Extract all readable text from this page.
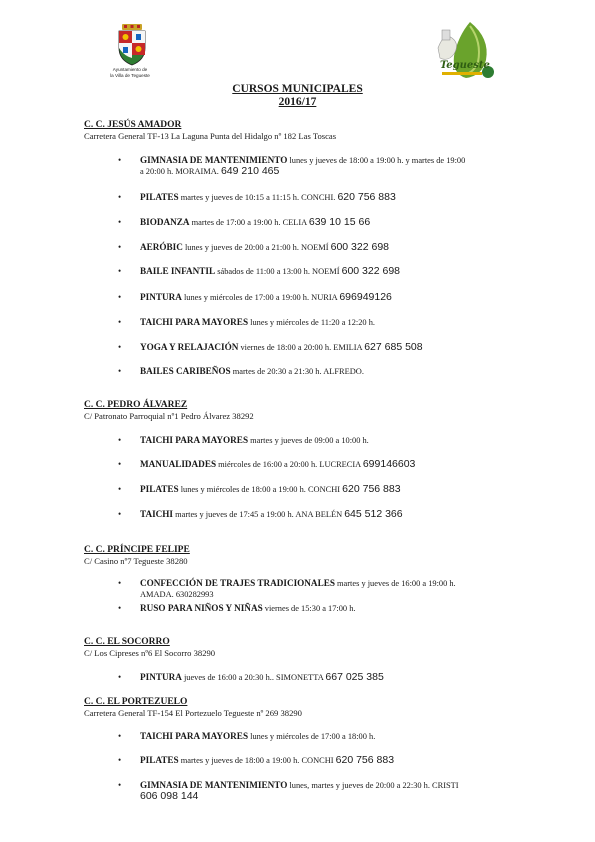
Ayuntamiento de
la Villa de Tegueste
Tegueste
CURSOS MUNICIPALES
2016/17
C. C. JESÚS AMADOR
Carretera General TF-13 La Laguna Punta del Hidalgo nº 182 Las Toscas
• GIMNASIA DE MANTENIMIENTO lunes y jueves de 18:00 a 19:00 h. y martes de 19:00
a 20:00 h. MORAIMA. 649 210 465
• PILATES martes y jueves de 10:15 a 11:15 h. CONCHI. 620 756 883
• BIODANZA martes de 17:00 a 19:00 h. CELIA 639 10 15 66
• AERÓBIC lunes y jueves de 20:00 a 21:00 h. NOEMÍ 600 322 698
• BAILE INFANTIL sábados de 11:00 a 13:00 h. NOEMÍ 600 322 698
• PINTURA lunes y miércoles de 17:00 a 19:00 h. NURIA 696949126
• TAICHI PARA MAYORES lunes y miércoles de 11:20 a 12:20 h.
• YOGA Y RELAJACIÓN viernes de 18:00 a 20:00 h. EMILIA 627 685 508
• BAILES CARIBEÑOS martes de 20:30 a 21:30 h. ALFREDO.
C. C. PEDRO ÁLVAREZ
C/ Patronato Parroquial nº1 Pedro Álvarez 38292
• TAICHI PARA MAYORES martes y jueves de 09:00 a 10:00 h.
• MANUALIDADES miércoles de 16:00 a 20:00 h. LUCRECIA 699146603
• PILATES lunes y miércoles de 18:00 a 19:00 h. CONCHI 620 756 883
• TAICHI martes y jueves de 17:45 a 19:00 h. ANA BELÉN 645 512 366
C. C. PRÍNCIPE FELIPE
C/ Casino nº7 Tegueste 38280
• CONFECCIÓN DE TRAJES TRADICIONALES martes y jueves de 16:00 a 19:00 h.
AMADA. 630282993
• RUSO PARA NIÑOS Y NIÑAS viernes de 15:30 a 17:00 h.
C. C. EL SOCORRO
C/ Los Cipreses nº6 El Socorro 38290
• PINTURA jueves de 16:00 a 20:30 h.. SIMONETTA 667 025 385
C. C. EL PORTEZUELO
Carretera General TF-154 El Portezuelo Tegueste nº 269 38290
• TAICHI PARA MAYORES lunes y miércoles de 17:00 a 18:00 h.
• PILATES martes y jueves de 18:00 a 19:00 h. CONCHI 620 756 883
• GIMNASIA DE MANTENIMIENTO lunes, martes y jueves de 20:00 a 22:30 h. CRISTI
606 098 144
